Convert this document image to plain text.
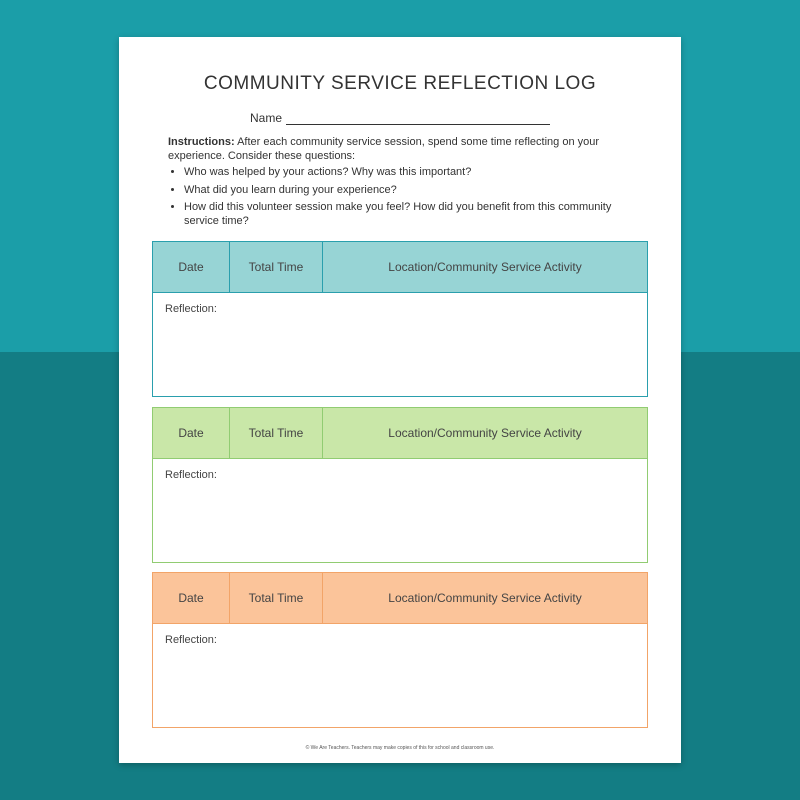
COMMUNITY SERVICE REFLECTION LOG
Name
Instructions: After each community service session, spend some time reflecting on your experience. Consider these questions:
• Who was helped by your actions? Why was this important?
• What did you learn during your experience?
• How did this volunteer session make you feel? How did you benefit from this community service time?
Date	Total Time	Location/Community Service Activity
Reflection:
Date	Total Time	Location/Community Service Activity
Reflection:
Date	Total Time	Location/Community Service Activity
Reflection:
© We Are Teachers. Teachers may make copies of this for school and classroom use.
